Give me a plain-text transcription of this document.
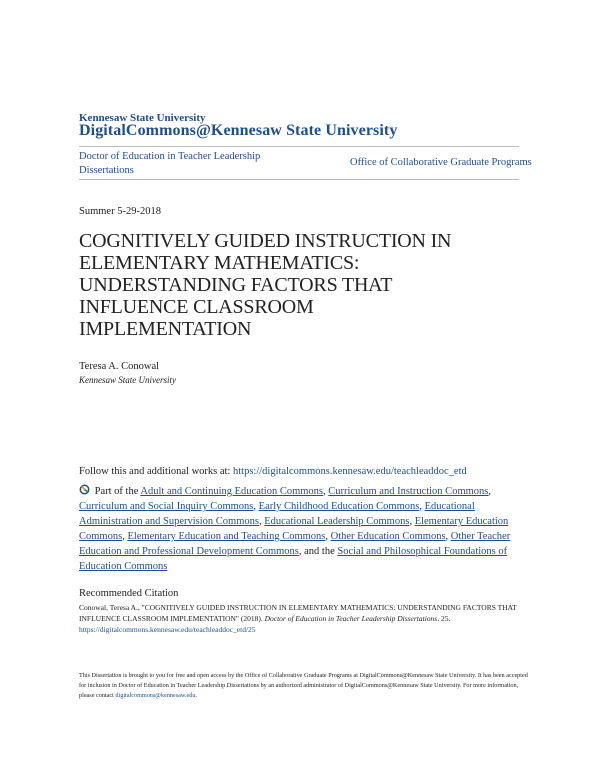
Kennesaw State University
DigitalCommons@Kennesaw State University
Doctor of Education in Teacher Leadership Dissertations
Office of Collaborative Graduate Programs
Summer 5-29-2018
COGNITIVELY GUIDED INSTRUCTION IN
ELEMENTARY MATHEMATICS:
UNDERSTANDING FACTORS THAT
INFLUENCE CLASSROOM
IMPLEMENTATION
Teresa A. Conowal
Kennesaw State University
Follow this and additional works at: https://digitalcommons.kennesaw.edu/teachleaddoc_etd
Part of the Adult and Continuing Education Commons, Curriculum and Instruction Commons, Curriculum and Social Inquiry Commons, Early Childhood Education Commons, Educational Administration and Supervision Commons, Educational Leadership Commons, Elementary Education Commons, Elementary Education and Teaching Commons, Other Education Commons, Other Teacher Education and Professional Development Commons, and the Social and Philosophical Foundations of Education Commons
Recommended Citation
Conowal, Teresa A., "COGNITIVELY GUIDED INSTRUCTION IN ELEMENTARY MATHEMATICS: UNDERSTANDING FACTORS THAT INFLUENCE CLASSROOM IMPLEMENTATION" (2018). Doctor of Education in Teacher Leadership Dissertations. 25.
https://digitalcommons.kennesaw.edu/teachleaddoc_etd/25
This Dissertation is brought to you for free and open access by the Office of Collaborative Graduate Programs at DigitalCommons@Kennesaw State University. It has been accepted for inclusion in Doctor of Education in Teacher Leadership Dissertations by an authorized administrator of DigitalCommons@Kennesaw State University. For more information, please contact digitalcommons@kennesaw.edu.
